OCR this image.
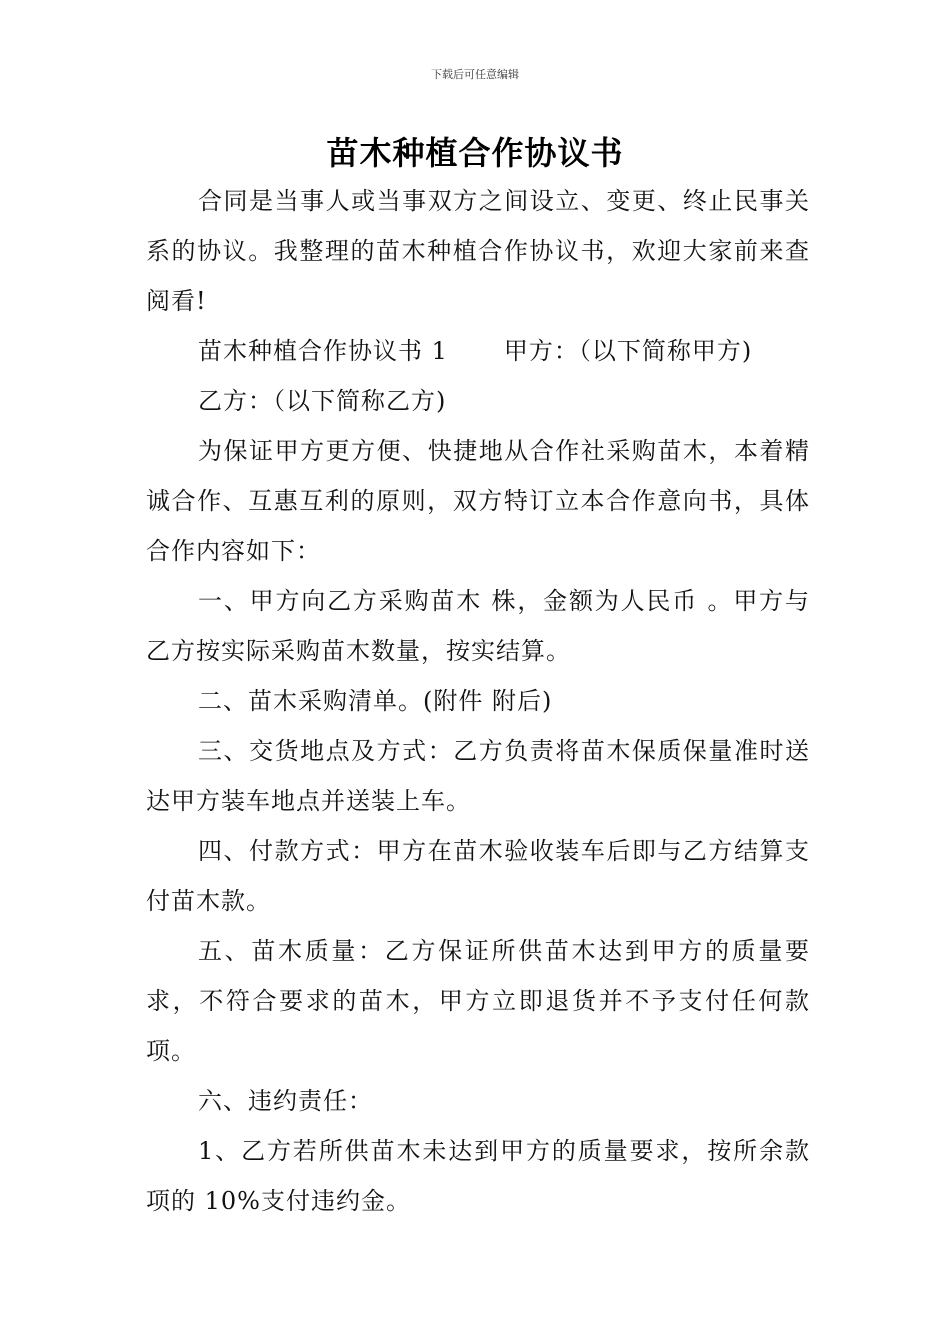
下载后可任意编辑
苗木种植合作协议书

合同是当事人或当事双方之间设立、变更、终止民事关系的协议。我整理的苗木种植合作协议书，欢迎大家前来查阅看!

苗木种植合作协议书 1 甲方：（以下简称甲方)

乙方：（以下简称乙方)

为保证甲方更方便、快捷地从合作社采购苗木，本着精诚合作、互惠互利的原则，双方特订立本合作意向书，具体合作内容如下：

一、甲方向乙方采购苗木 株，金额为人民币 。甲方与乙方按实际采购苗木数量，按实结算。

二、苗木采购清单。(附件 附后)

三、交货地点及方式：乙方负责将苗木保质保量准时送达甲方装车地点并送装上车。

四、付款方式：甲方在苗木验收装车后即与乙方结算支付苗木款。

五、苗木质量：乙方保证所供苗木达到甲方的质量要求，不符合要求的苗木，甲方立即退货并不予支付任何款项。

六、违约责任：

1、乙方若所供苗木未达到甲方的质量要求，按所余款项的 10%支付违约金。
